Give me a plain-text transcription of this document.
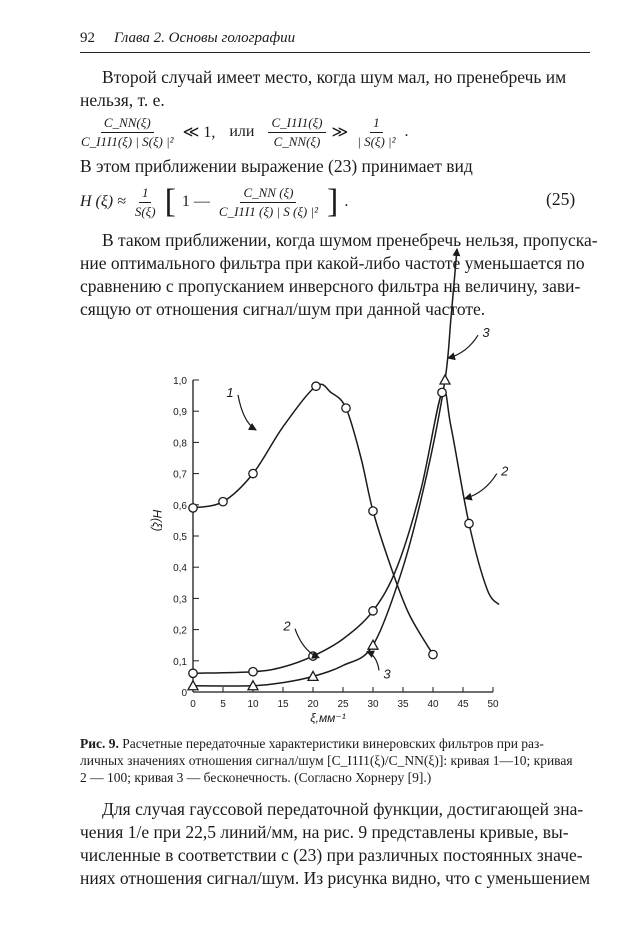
92 Глава 2. Основы голографии
Второй случай имеет место, когда шум мал, но пренебречь им
нельзя, т. е.
$\frac{C\_NN(\xi)}{\text{C\_I1I1(ξ) | S(ξ) |²}}$ ≪ 1, или $\frac{C\_I1I1(\xi)}{C\_NN(\xi)}$ ≫ $\frac{1}{\text{| S(ξ) |²}}$ .
В этом приближении выражение (23) принимает вид
H $(\xi) \approx \frac{1}{S(\xi)}$ [ 1 — $\frac{C\_NN (\xi)}{\text{C\_I1I1 (ξ) | S (ξ) |²}}$ ] .	(25)
В таком приближении, когда шумом пренебречь нельзя, пропуска-
ние оптимального фильтра при какой-либо частоте уменьшается по
сравнению с пропусканием инверсного фильтра на величину, зави-
сящую от отношения сигнал/шум при данной частоте.
0
0,1
0,2
0,3
0,4
0,5
0,6
0,7
0,8
0,9
1,0
0 5 10 15 20 25 30 35 40 45 50
ξ,мм⁻¹
H(ξ)
1
2
3
3
2
Рис. 9. Расчетные передаточные характеристики винеровских фильтров при раз-
личных значениях отношения сигнал/шум [C_I1I1(ξ)/C_NN(ξ)]: кривая 1—10; кривая
2 — 100; кривая 3 — бесконечность. (Согласно Хорнеру [9].)
Для случая гауссовой передаточной функции, достигающей зна-
чения 1/e при 22,5 линий/мм, на рис. 9 представлены кривые, вы-
численные в соответствии с (23) при различных постоянных значе-
ниях отношения сигнал/шум. Из рисунка видно, что с уменьшением
